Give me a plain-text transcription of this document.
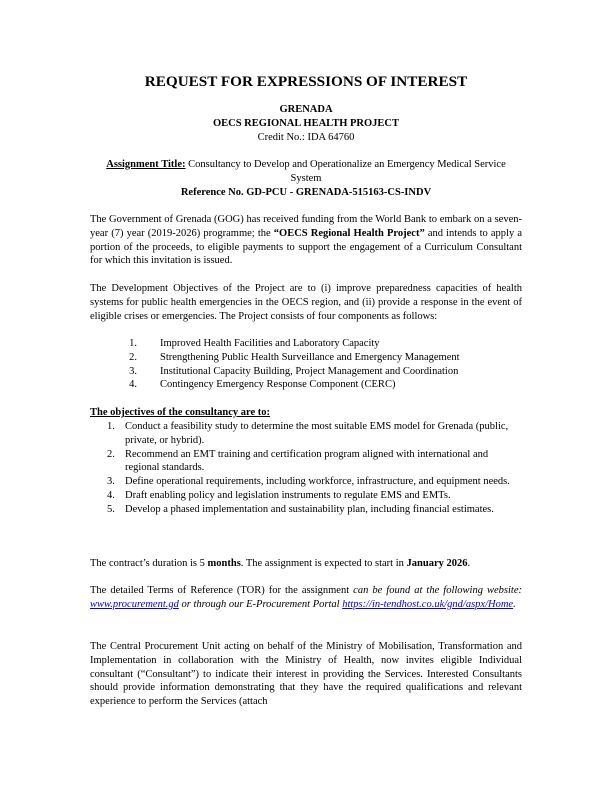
REQUEST FOR EXPRESSIONS OF INTEREST
GRENADA
OECS REGIONAL HEALTH PROJECT
Credit No.: IDA 64760
Assignment Title: Consultancy to Develop and Operationalize an Emergency Medical Service System
Reference No. GD-PCU - GRENADA-515163-CS-INDV
The Government of Grenada (GOG) has received funding from the World Bank to embark on a seven-year (7) year (2019-2026) programme; the “OECS Regional Health Project” and intends to apply a portion of the proceeds, to eligible payments to support the engagement of a Curriculum Consultant for which this invitation is issued.
The Development Objectives of the Project are to (i) improve preparedness capacities of health systems for public health emergencies in the OECS region, and (ii) provide a response in the event of eligible crises or emergencies. The Project consists of four components as follows:
1. Improved Health Facilities and Laboratory Capacity
2. Strengthening Public Health Surveillance and Emergency Management
3. Institutional Capacity Building, Project Management and Coordination
4. Contingency Emergency Response Component (CERC)
The objectives of the consultancy are to:
1. Conduct a feasibility study to determine the most suitable EMS model for Grenada (public, private, or hybrid).
2. Recommend an EMT training and certification program aligned with international and regional standards.
3. Define operational requirements, including workforce, infrastructure, and equipment needs.
4. Draft enabling policy and legislation instruments to regulate EMS and EMTs.
5. Develop a phased implementation and sustainability plan, including financial estimates.
The contract’s duration is 5 months. The assignment is expected to start in January 2026.
The detailed Terms of Reference (TOR) for the assignment can be found at the following website: www.procurement.gd or through our E-Procurement Portal https://in-tendhost.co.uk/gnd/aspx/Home.
The Central Procurement Unit acting on behalf of the Ministry of Mobilisation, Transformation and Implementation in collaboration with the Ministry of Health, now invites eligible Individual consultant (“Consultant”) to indicate their interest in providing the Services. Interested Consultants should provide information demonstrating that they have the required qualifications and relevant experience to perform the Services (attach
